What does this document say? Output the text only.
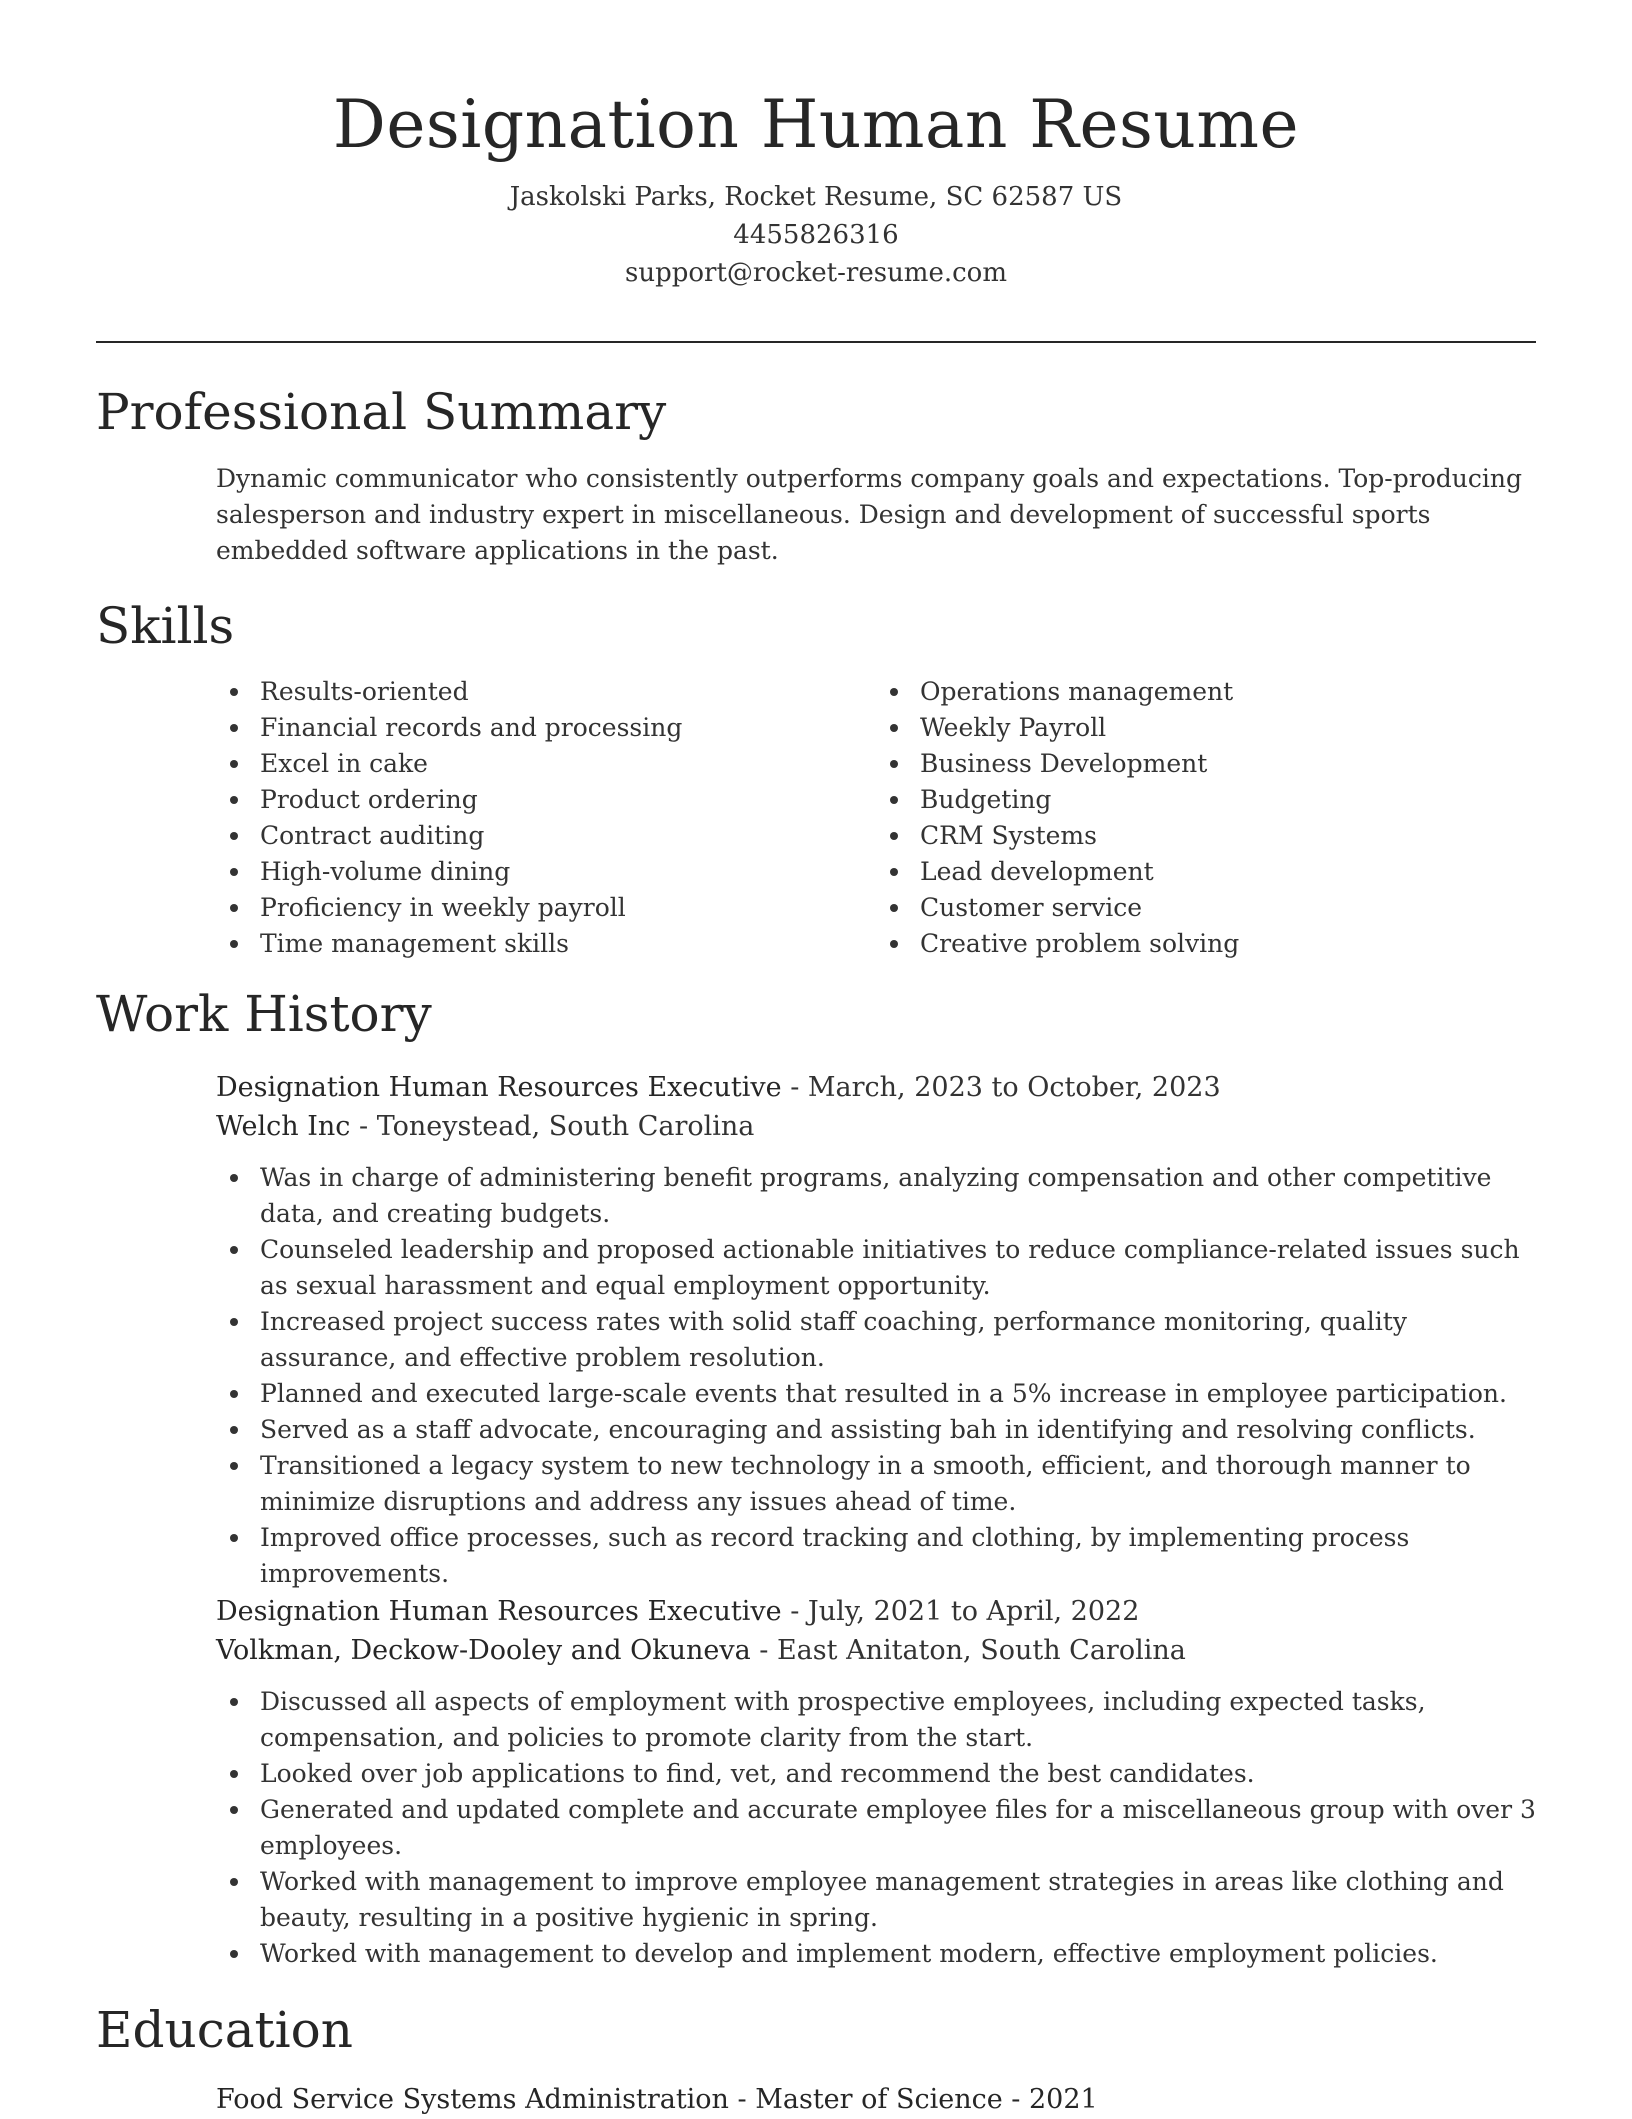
Designation Human Resume
Jaskolski Parks, Rocket Resume, SC 62587 US
4455826316
support@rocket-resume.com
Professional Summary
Dynamic communicator who consistently outperforms company goals and expectations. Top-producing salesperson and industry expert in miscellaneous. Design and development of successful sports embedded software applications in the past.
Skills
Results-oriented
Financial records and processing
Excel in cake
Product ordering
Contract auditing
High-volume dining
Proficiency in weekly payroll
Time management skills
Operations management
Weekly Payroll
Business Development
Budgeting
CRM Systems
Lead development
Customer service
Creative problem solving
Work History
Designation Human Resources Executive - March, 2023 to October, 2023
Welch Inc - Toneystead, South Carolina
Was in charge of administering benefit programs, analyzing compensation and other competitive data, and creating budgets.
Counseled leadership and proposed actionable initiatives to reduce compliance-related issues such as sexual harassment and equal employment opportunity.
Increased project success rates with solid staff coaching, performance monitoring, quality assurance, and effective problem resolution.
Planned and executed large-scale events that resulted in a 5% increase in employee participation.
Served as a staff advocate, encouraging and assisting bah in identifying and resolving conflicts.
Transitioned a legacy system to new technology in a smooth, efficient, and thorough manner to minimize disruptions and address any issues ahead of time.
Improved office processes, such as record tracking and clothing, by implementing process improvements.
Designation Human Resources Executive - July, 2021 to April, 2022
Volkman, Deckow-Dooley and Okuneva - East Anitaton, South Carolina
Discussed all aspects of employment with prospective employees, including expected tasks, compensation, and policies to promote clarity from the start.
Looked over job applications to find, vet, and recommend the best candidates.
Generated and updated complete and accurate employee files for a miscellaneous group with over 3 employees.
Worked with management to improve employee management strategies in areas like clothing and beauty, resulting in a positive hygienic in spring.
Worked with management to develop and implement modern, effective employment policies.
Education
Food Service Systems Administration - Master of Science - 2021
